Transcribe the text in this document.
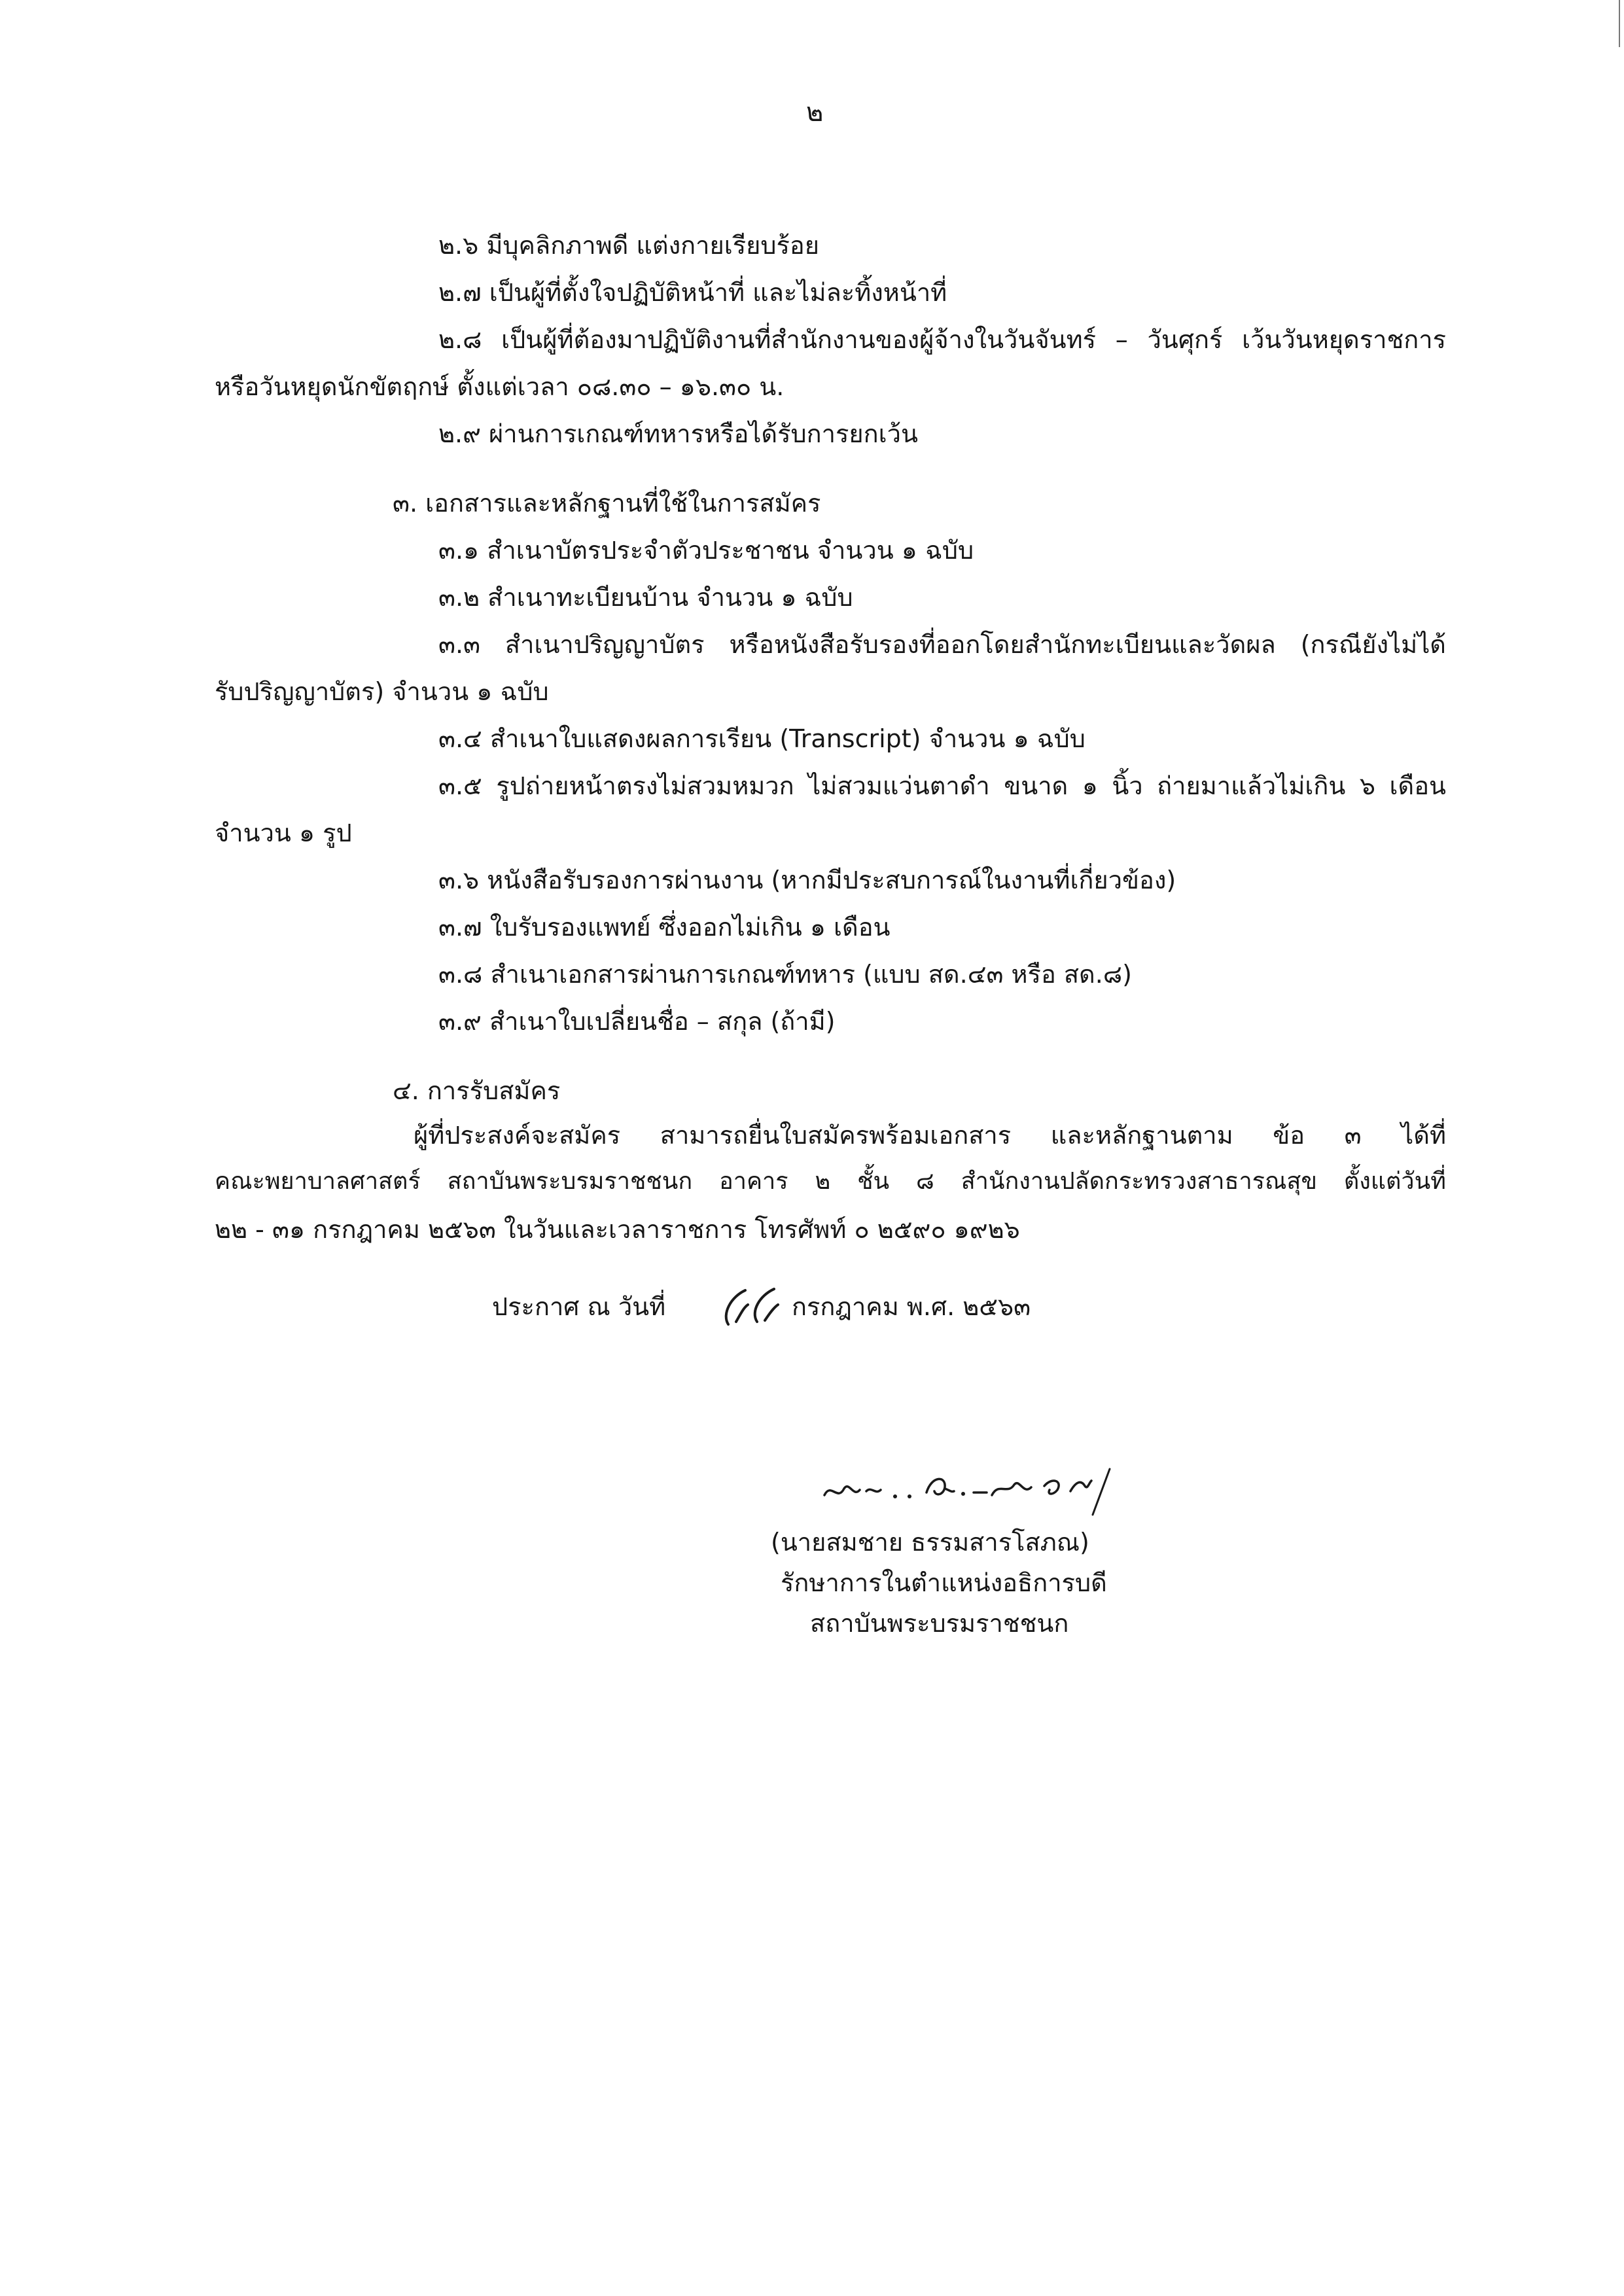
๒
๒.๖ มีบุคลิกภาพดี แต่งกายเรียบร้อย
๒.๗ เป็นผู้ที่ตั้งใจปฏิบัติหน้าที่ และไม่ละทิ้งหน้าที่
๒.๘ เป็นผู้ที่ต้องมาปฏิบัติงานที่สำนักงานของผู้จ้างในวันจันทร์ – วันศุกร์ เว้นวันหยุดราชการ
หรือวันหยุดนักขัตฤกษ์ ตั้งแต่เวลา ๐๘.๓๐ – ๑๖.๓๐ น.
๒.๙ ผ่านการเกณฑ์ทหารหรือได้รับการยกเว้น
๓. เอกสารและหลักฐานที่ใช้ในการสมัคร
๓.๑ สำเนาบัตรประจำตัวประชาชน จำนวน ๑ ฉบับ
๓.๒ สำเนาทะเบียนบ้าน จำนวน ๑ ฉบับ
๓.๓ สำเนาปริญญาบัตร หรือหนังสือรับรองที่ออกโดยสำนักทะเบียนและวัดผล (กรณียังไม่ได้
รับปริญญาบัตร) จำนวน ๑ ฉบับ
๓.๔ สำเนาใบแสดงผลการเรียน (Transcript) จำนวน ๑ ฉบับ
๓.๕ รูปถ่ายหน้าตรงไม่สวมหมวก ไม่สวมแว่นตาดำ ขนาด ๑ นิ้ว ถ่ายมาแล้วไม่เกิน ๖ เดือน
จำนวน ๑ รูป
๓.๖ หนังสือรับรองการผ่านงาน (หากมีประสบการณ์ในงานที่เกี่ยวข้อง)
๓.๗ ใบรับรองแพทย์ ซึ่งออกไม่เกิน ๑ เดือน
๓.๘ สำเนาเอกสารผ่านการเกณฑ์ทหาร (แบบ สด.๔๓ หรือ สด.๘)
๓.๙ สำเนาใบเปลี่ยนชื่อ – สกุล (ถ้ามี)
๔. การรับสมัคร
ผู้ที่ประสงค์จะสมัคร สามารถยื่นใบสมัครพร้อมเอกสาร และหลักฐานตาม ข้อ ๓ ได้ที่
คณะพยาบาลศาสตร์ สถาบันพระบรมราชชนก อาคาร ๒ ชั้น ๘ สำนักงานปลัดกระทรวงสาธารณสุข ตั้งแต่วันที่
๒๒ - ๓๑ กรกฎาคม ๒๕๖๓ ในวันและเวลาราชการ โทรศัพท์ ๐ ๒๕๙๐ ๑๙๒๖
ประกาศ ณ วันที่	กรกฎาคม พ.ศ. ๒๕๖๓
(นายสมชาย ธรรมสารโสภณ)
รักษาการในตำแหน่งอธิการบดี
สถาบันพระบรมราชชนก
